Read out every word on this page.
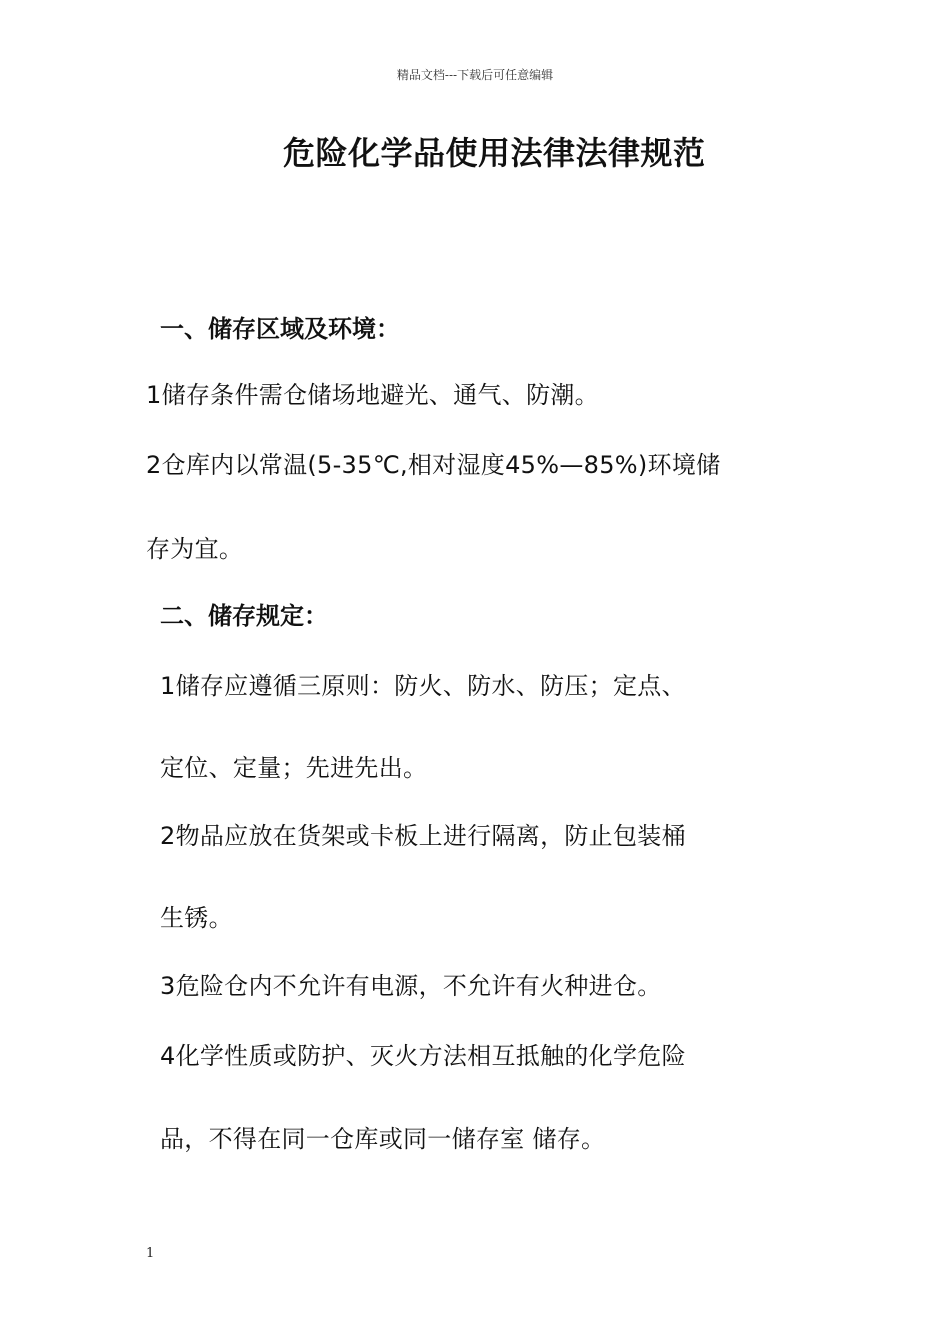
精品文档---下载后可任意编辑
危险化学品使用法律法律规范
一、储存区域及环境：
1储存条件需仓储场地避光、通气、防潮。
2仓库内以常温(5-35℃,相对湿度45%—85%)环境储
存为宜。
二、储存规定：
1储存应遵循三原则：防火、防水、防压；定点、
定位、定量；先进先出。
2物品应放在货架或卡板上进行隔离，防止包装桶
生锈。
3危险仓内不允许有电源，不允许有火种进仓。
4化学性质或防护、灭火方法相互抵触的化学危险
品，不得在同一仓库或同一储存室 储存。
1
